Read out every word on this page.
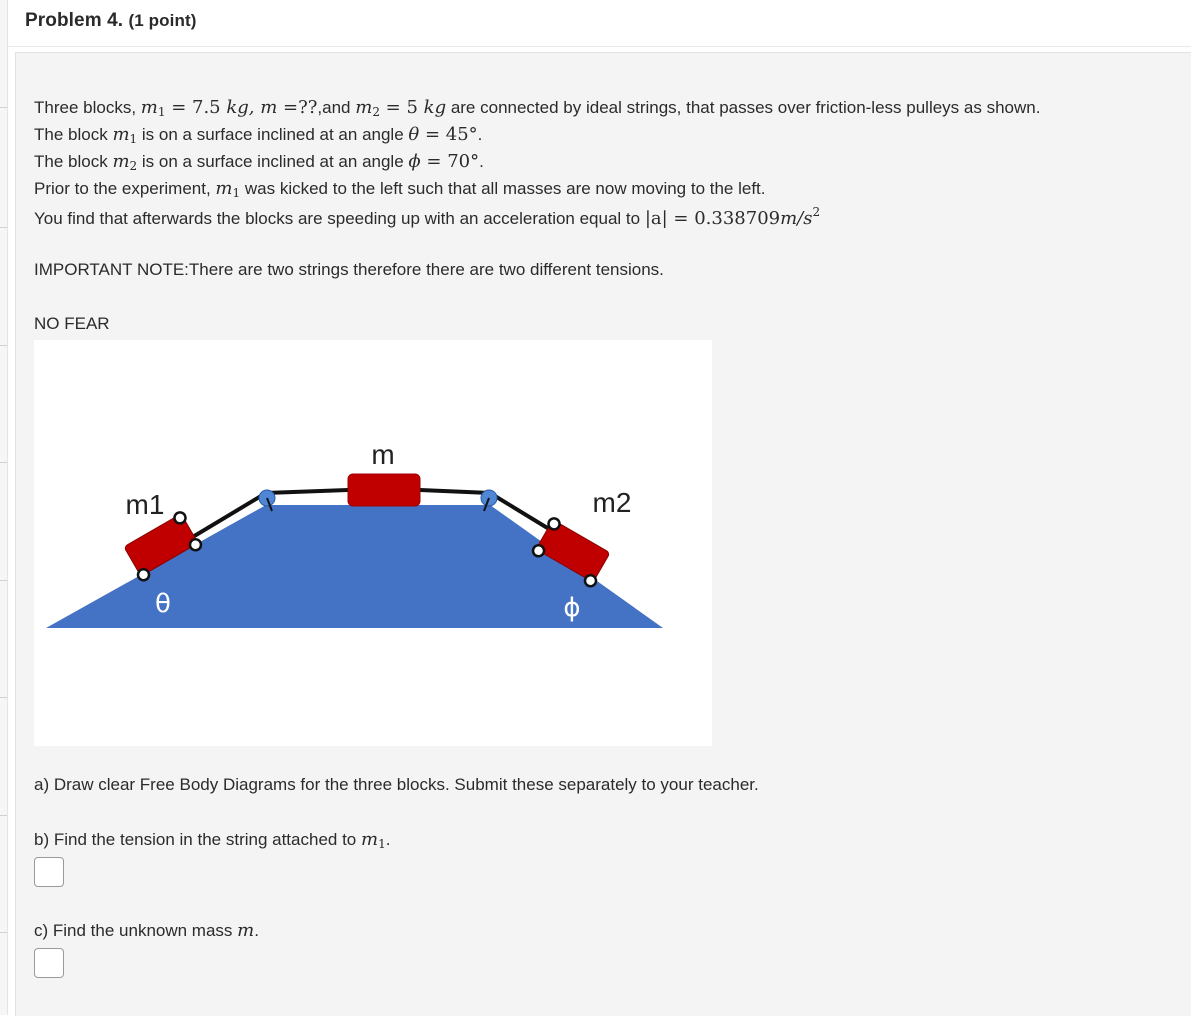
Problem 4. (1 point)
Three blocks, $m_1 = 7.5$ kg, m =??,and $m_2 = 5$ kg are connected by ideal strings, that passes over friction-less pulleys as shown.
The block $m_1$ is on a surface inclined at an angle θ = 45°.
The block $m_2$ is on a surface inclined at an angle ϕ = 70°.
Prior to the experiment, $m_1$ was kicked to the left such that all masses are now moving to the left.
You find that afterwards the blocks are speeding up with an acceleration equal to $|a| = 0.338709m/s^2$
IMPORTANT NOTE:There are two strings therefore there are two different tensions.
NO FEAR
m
m1	m2
θ	ϕ
a) Draw clear Free Body Diagrams for the three blocks. Submit these separately to your teacher.
b) Find the tension in the string attached to $m_1$.
c) Find the unknown mass m.
